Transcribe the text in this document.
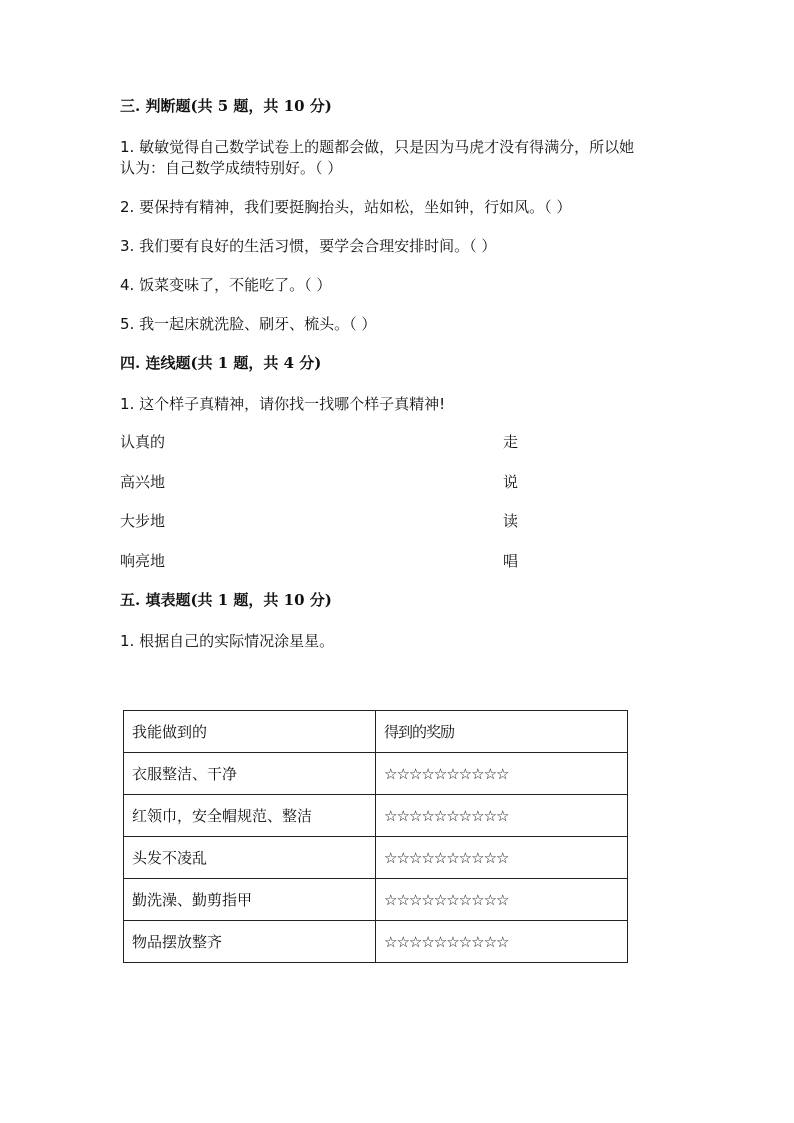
三. 判断题(共 5 题，共 10 分)
1. 敏敏觉得自己数学试卷上的题都会做，只是因为马虎才没有得满分，所以她
认为：自己数学成绩特别好。（ ）
2. 要保持有精神，我们要挺胸抬头，站如松，坐如钟，行如风。（ ）
3. 我们要有良好的生活习惯，要学会合理安排时间。（ ）
4. 饭菜变味了，不能吃了。（ ）
5. 我一起床就洗脸、刷牙、梳头。（ ）
四. 连线题(共 1 题，共 4 分)
1. 这个样子真精神，请你找一找哪个样子真精神!
认真的	走
高兴地	说
大步地	读
响亮地	唱
五. 填表题(共 1 题，共 10 分)
1. 根据自己的实际情况涂星星。
我能做到的	得到的奖励
衣服整洁、干净	☆☆☆☆☆☆☆☆☆☆
红领巾，安全帽规范、整洁	☆☆☆☆☆☆☆☆☆☆
头发不凌乱	☆☆☆☆☆☆☆☆☆☆
勤洗澡、勤剪指甲	☆☆☆☆☆☆☆☆☆☆
物品摆放整齐	☆☆☆☆☆☆☆☆☆☆
